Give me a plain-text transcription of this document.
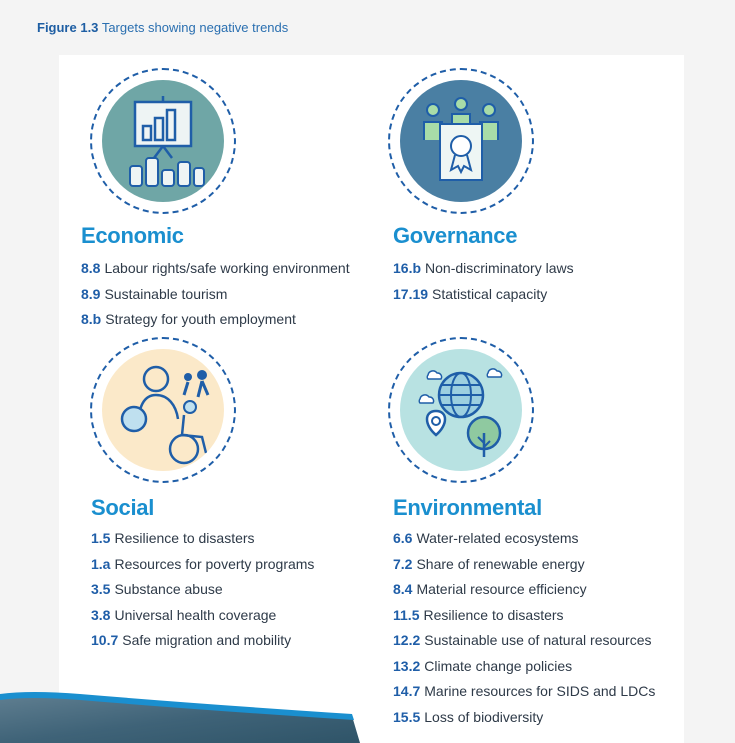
Figure 1.3 Targets showing negative trends
Economic
8.8 Labour rights/safe working environment
8.9 Sustainable tourism
8.b Strategy for youth employment
Governance
16.b Non-discriminatory laws
17.19 Statistical capacity
Social
1.5 Resilience to disasters
1.a Resources for poverty programs
3.5 Substance abuse
3.8 Universal health coverage
10.7 Safe migration and mobility
Environmental
6.6 Water-related ecosystems
7.2 Share of renewable energy
8.4 Material resource efficiency
11.5 Resilience to disasters
12.2 Sustainable use of natural resources
13.2 Climate change policies
14.7 Marine resources for SIDS and LDCs
15.5 Loss of biodiversity
